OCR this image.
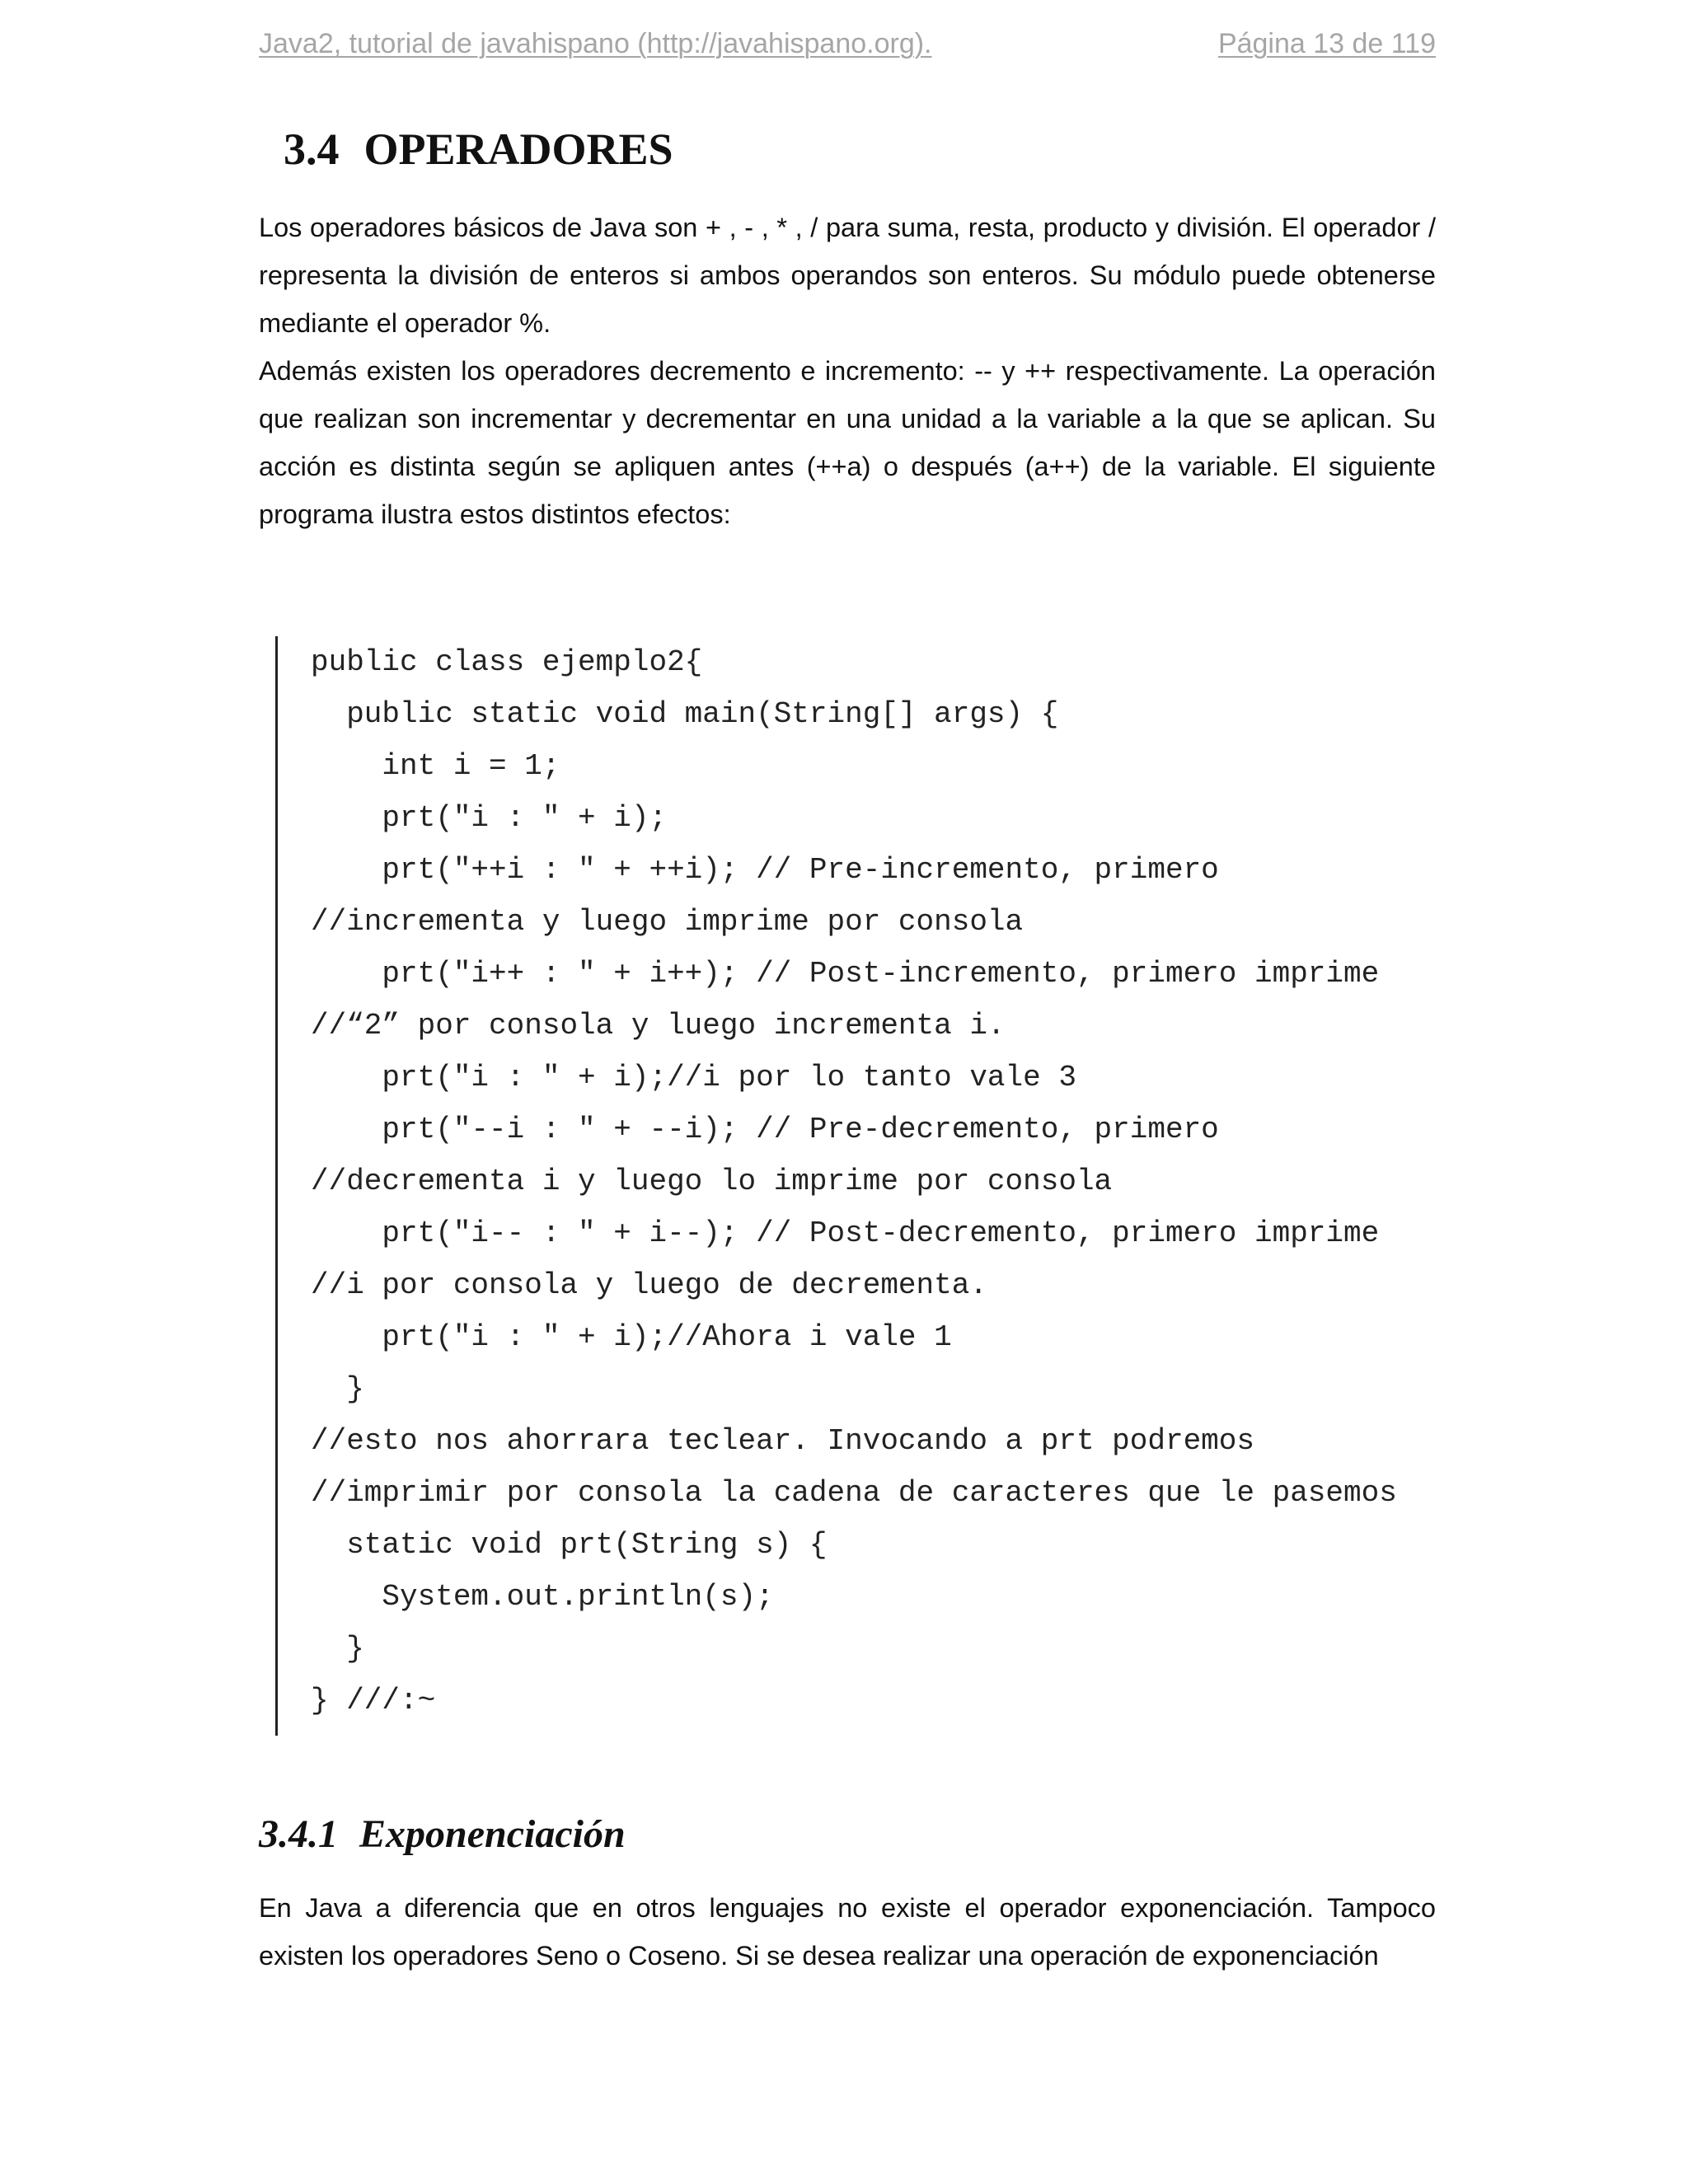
Java2, tutorial de javahispano (http://javahispano.org).	Página 13 de 119
3.4 OPERADORES

Los operadores básicos de Java son + , - , * , / para suma, resta, producto y división. El operador / representa la división de enteros si ambos operandos son enteros. Su módulo puede obtenerse mediante el operador %.

Además existen los operadores decremento e incremento: -- y ++ respectivamente. La operación que realizan son incrementar y decrementar en una unidad a la variable a la que se aplican. Su acción es distinta según se apliquen antes (++a) o después (a++) de la variable. El siguiente programa ilustra estos distintos efectos:

public class ejemplo2{
public static void main(String[] args) {
int i = 1;
prt("i : " + i);
prt("++i : " + ++i); // Pre-incremento, primero
//incrementa y luego imprime por consola
prt("i++ : " + i++); // Post-incremento, primero imprime
//“2” por consola y luego incrementa i.
prt("i : " + i);//i por lo tanto vale 3
prt("--i : " + --i); // Pre-decremento, primero
//decrementa i y luego lo imprime por consola
prt("i-- : " + i--); // Post-decremento, primero imprime
//i por consola y luego de decrementa.
prt("i : " + i);//Ahora i vale 1
}
//esto nos ahorrara teclear. Invocando a prt podremos
//imprimir por consola la cadena de caracteres que le pasemos
static void prt(String s) {
System.out.println(s);
}
} ///:~
3.4.1 Exponenciación

En Java a diferencia que en otros lenguajes no existe el operador exponenciación. Tampoco existen los operadores Seno o Coseno. Si se desea realizar una operación de exponenciación
